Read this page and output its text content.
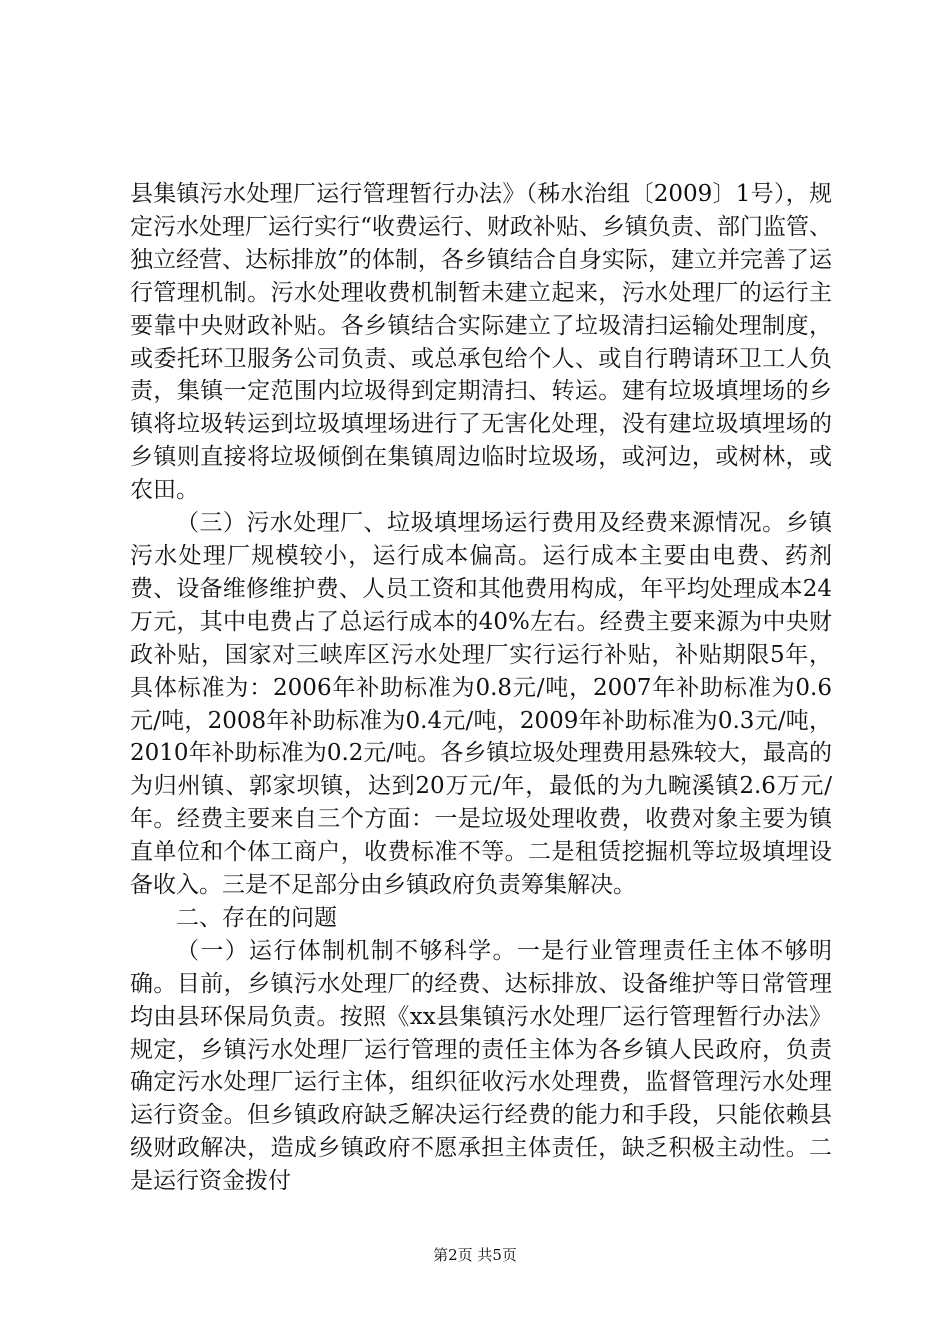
县集镇污水处理厂运行管理暂行办法》（秭水治组〔2009〕1号），规定污水处理厂运行实行“收费运行、财政补贴、乡镇负责、部门监管、独立经营、达标排放”的体制，各乡镇结合自身实际，建立并完善了运行管理机制。污水处理收费机制暂未建立起来，污水处理厂的运行主要靠中央财政补贴。各乡镇结合实际建立了垃圾清扫运输处理制度，或委托环卫服务公司负责、或总承包给个人、或自行聘请环卫工人负责，集镇一定范围内垃圾得到定期清扫、转运。建有垃圾填埋场的乡镇将垃圾转运到垃圾填埋场进行了无害化处理，没有建垃圾填埋场的乡镇则直接将垃圾倾倒在集镇周边临时垃圾场，或河边，或树林，或农田。

（三）污水处理厂、垃圾填埋场运行费用及经费来源情况。乡镇污水处理厂规模较小，运行成本偏高。运行成本主要由电费、药剂费、设备维修维护费、人员工资和其他费用构成，年平均处理成本24万元，其中电费占了总运行成本的40%左右。经费主要来源为中央财政补贴，国家对三峡库区污水处理厂实行运行补贴，补贴期限5年，具体标准为：2006年补助标准为0.8元/吨，2007年补助标准为0.6元/吨，2008年补助标准为0.4元/吨，2009年补助标准为0.3元/吨，2010年补助标准为0.2元/吨。各乡镇垃圾处理费用悬殊较大，最高的为归州镇、郭家坝镇，达到20万元/年，最低的为九畹溪镇2.6万元/年。经费主要来自三个方面：一是垃圾处理收费，收费对象主要为镇直单位和个体工商户，收费标准不等。二是租赁挖掘机等垃圾填埋设备收入。三是不足部分由乡镇政府负责筹集解决。

二、存在的问题

（一）运行体制机制不够科学。一是行业管理责任主体不够明确。目前，乡镇污水处理厂的经费、达标排放、设备维护等日常管理均由县环保局负责。按照《xx县集镇污水处理厂运行管理暂行办法》规定，乡镇污水处理厂运行管理的责任主体为各乡镇人民政府，负责确定污水处理厂运行主体，组织征收污水处理费，监督管理污水处理运行资金。但乡镇政府缺乏解决运行经费的能力和手段，只能依赖县级财政解决，造成乡镇政府不愿承担主体责任，缺乏积极主动性。二是运行资金拨付

第2页 共5页
